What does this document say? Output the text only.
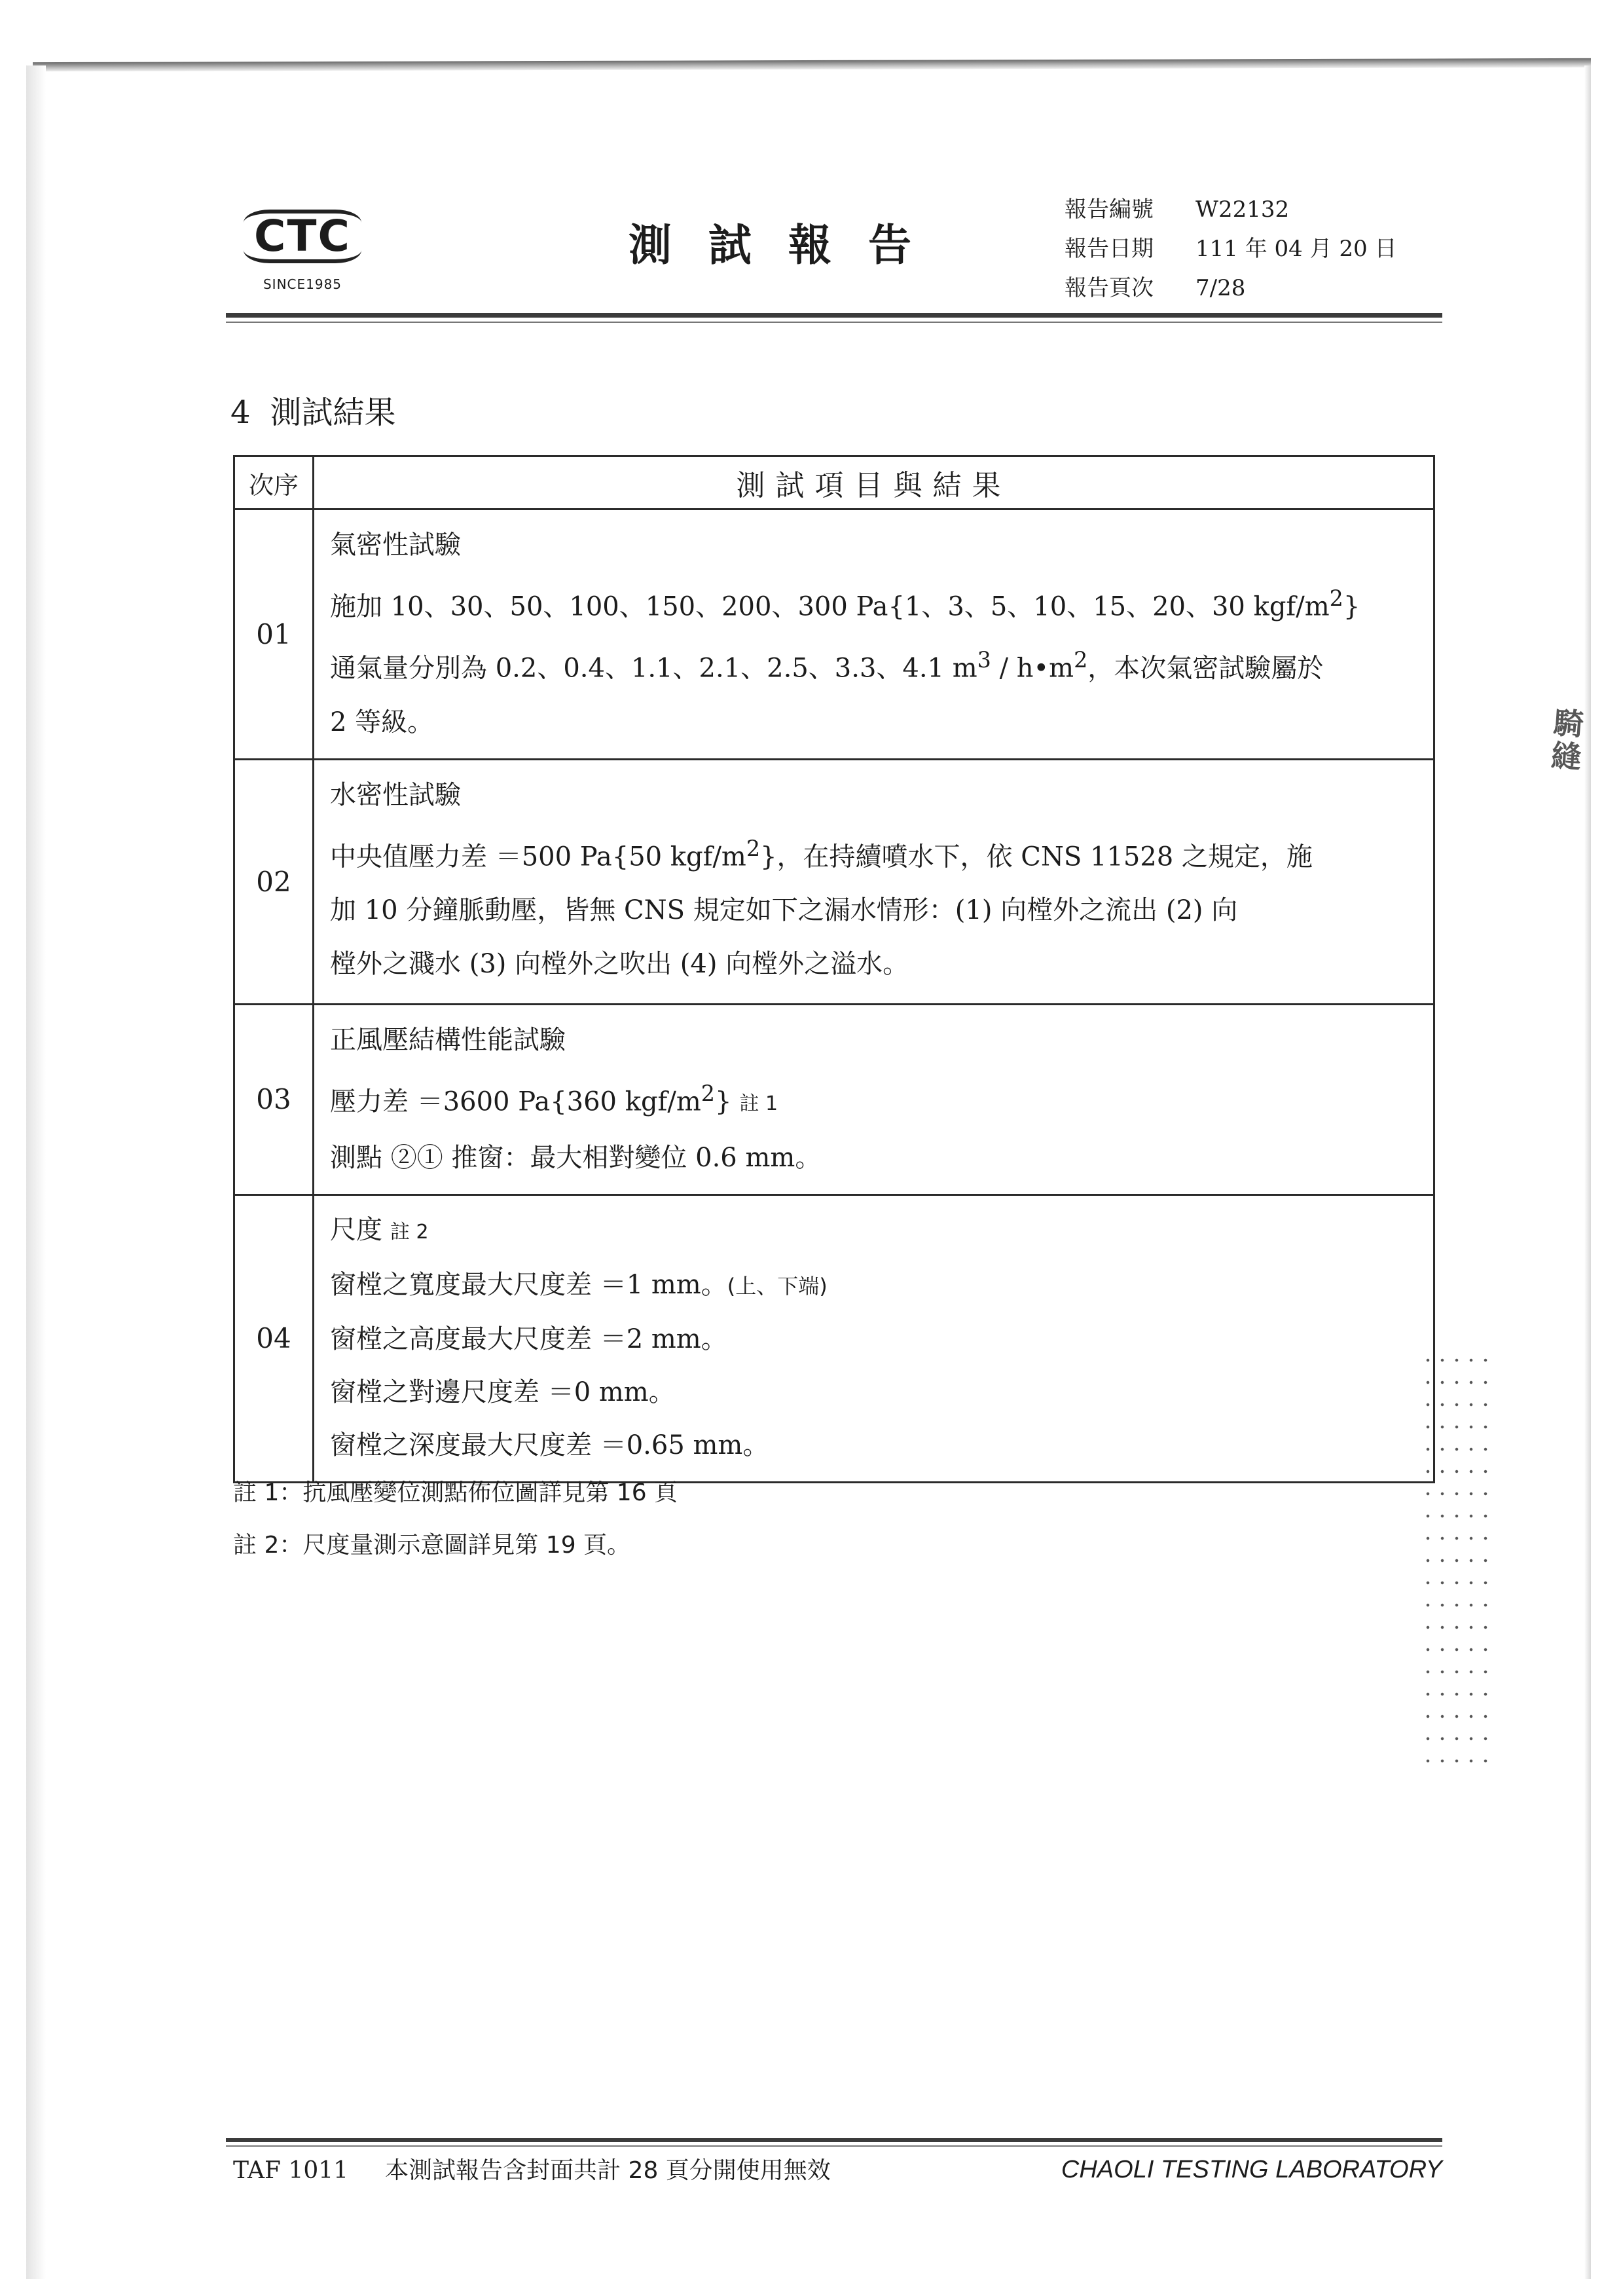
騎縫
CTC
SINCE1985
測試報告
報告編號	W22132
報告日期	111 年 04 月 20 日
報告頁次	7/28
4 測試結果
次序	測試項目與結果
01	氣密性試驗
施加 10、30、50、100、150、200、300 Pa{1、3、5、10、15、20、30 kgf/$m^2$}
通氣量分別為 0.2、0.4、1.1、2.1、2.5、3.3、4.1 $m^3$ / $h•m^2$，本次氣密試驗屬於
2 等級。

02	水密性試驗
中央值壓力差 ＝500 Pa{50 kgf/$m^2$}，在持續噴水下，依 CNS 11528 之規定，施
加 10 分鐘脈動壓，皆無 CNS 規定如下之漏水情形：(1) 向樘外之流出 (2) 向
樘外之濺水 (3) 向樘外之吹出 (4) 向樘外之溢水。

03	正風壓結構性能試驗
壓力差 ＝3600 Pa{360 kgf/$m^2$} 註 1
測點 ②① 推窗：最大相對變位 0.6 mm。

04	尺度 註 2
窗樘之寬度最大尺度差 ＝1 mm。(上、下端)
窗樘之高度最大尺度差 ＝2 mm。
窗樘之對邊尺度差 ＝0 mm。
窗樘之深度最大尺度差 ＝0.65 mm。
註 1：抗風壓變位測點佈位圖詳見第 16 頁
註 2：尺度量測示意圖詳見第 19 頁。
TAF 1011 本測試報告含封面共計 28 頁分開使用無效	CHAOLI TESTING LABORATORY
